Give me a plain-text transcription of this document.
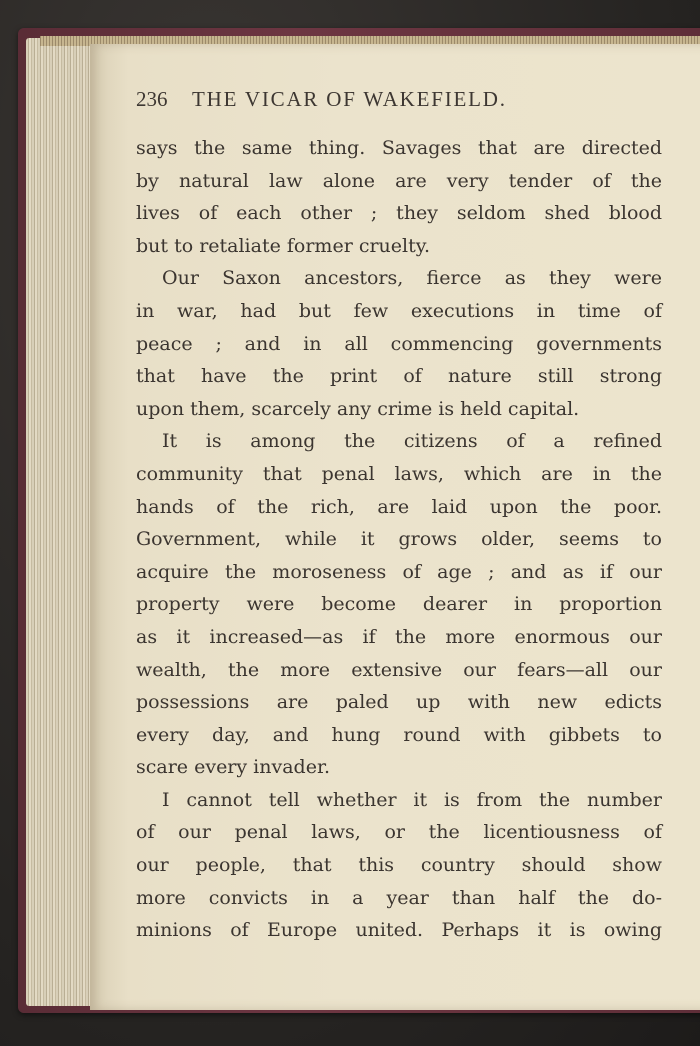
236 THE VICAR OF WAKEFIELD.
says the same thing. Savages that are directed
by natural law alone are very tender of the
lives of each other ; they seldom shed blood
but to retaliate former cruelty.
Our Saxon ancestors, fierce as they were
in war, had but few executions in time of
peace ; and in all commencing governments
that have the print of nature still strong
upon them, scarcely any crime is held capital.
It is among the citizens of a refined
community that penal laws, which are in the
hands of the rich, are laid upon the poor.
Government, while it grows older, seems to
acquire the moroseness of age ; and as if our
property were become dearer in proportion
as it increased—as if the more enormous our
wealth, the more extensive our fears—all our
possessions are paled up with new edicts
every day, and hung round with gibbets to
scare every invader.
I cannot tell whether it is from the number
of our penal laws, or the licentiousness of
our people, that this country should show
more convicts in a year than half the do-
minions of Europe united. Perhaps it is owing
